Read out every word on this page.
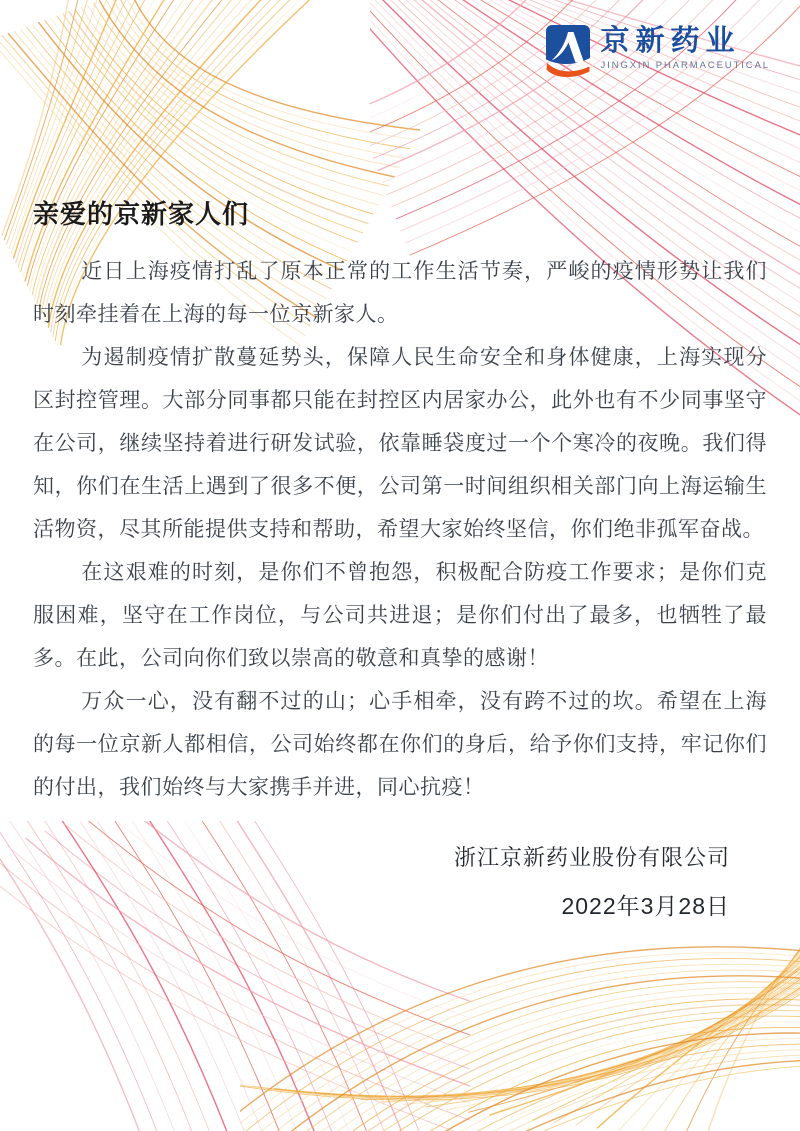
京新药业
JINGXIN PHARMACEUTICAL
亲爱的京新家人们

近日上海疫情打乱了原本正常的工作生活节奏，严峻的疫情形势让我们时刻牵挂着在上海的每一位京新家人。

为遏制疫情扩散蔓延势头，保障人民生命安全和身体健康，上海实现分区封控管理。大部分同事都只能在封控区内居家办公，此外也有不少同事坚守在公司，继续坚持着进行研发试验，依靠睡袋度过一个个寒冷的夜晚。我们得知，你们在生活上遇到了很多不便，公司第一时间组织相关部门向上海运输生活物资，尽其所能提供支持和帮助，希望大家始终坚信，你们绝非孤军奋战。

在这艰难的时刻，是你们不曾抱怨，积极配合防疫工作要求；是你们克服困难，坚守在工作岗位，与公司共进退；是你们付出了最多，也牺牲了最多。在此，公司向你们致以崇高的敬意和真挚的感谢！

万众一心，没有翻不过的山；心手相牵，没有跨不过的坎。希望在上海的每一位京新人都相信，公司始终都在你们的身后，给予你们支持，牢记你们的付出，我们始终与大家携手并进，同心抗疫！

浙江京新药业股份有限公司

2022年3月28日
